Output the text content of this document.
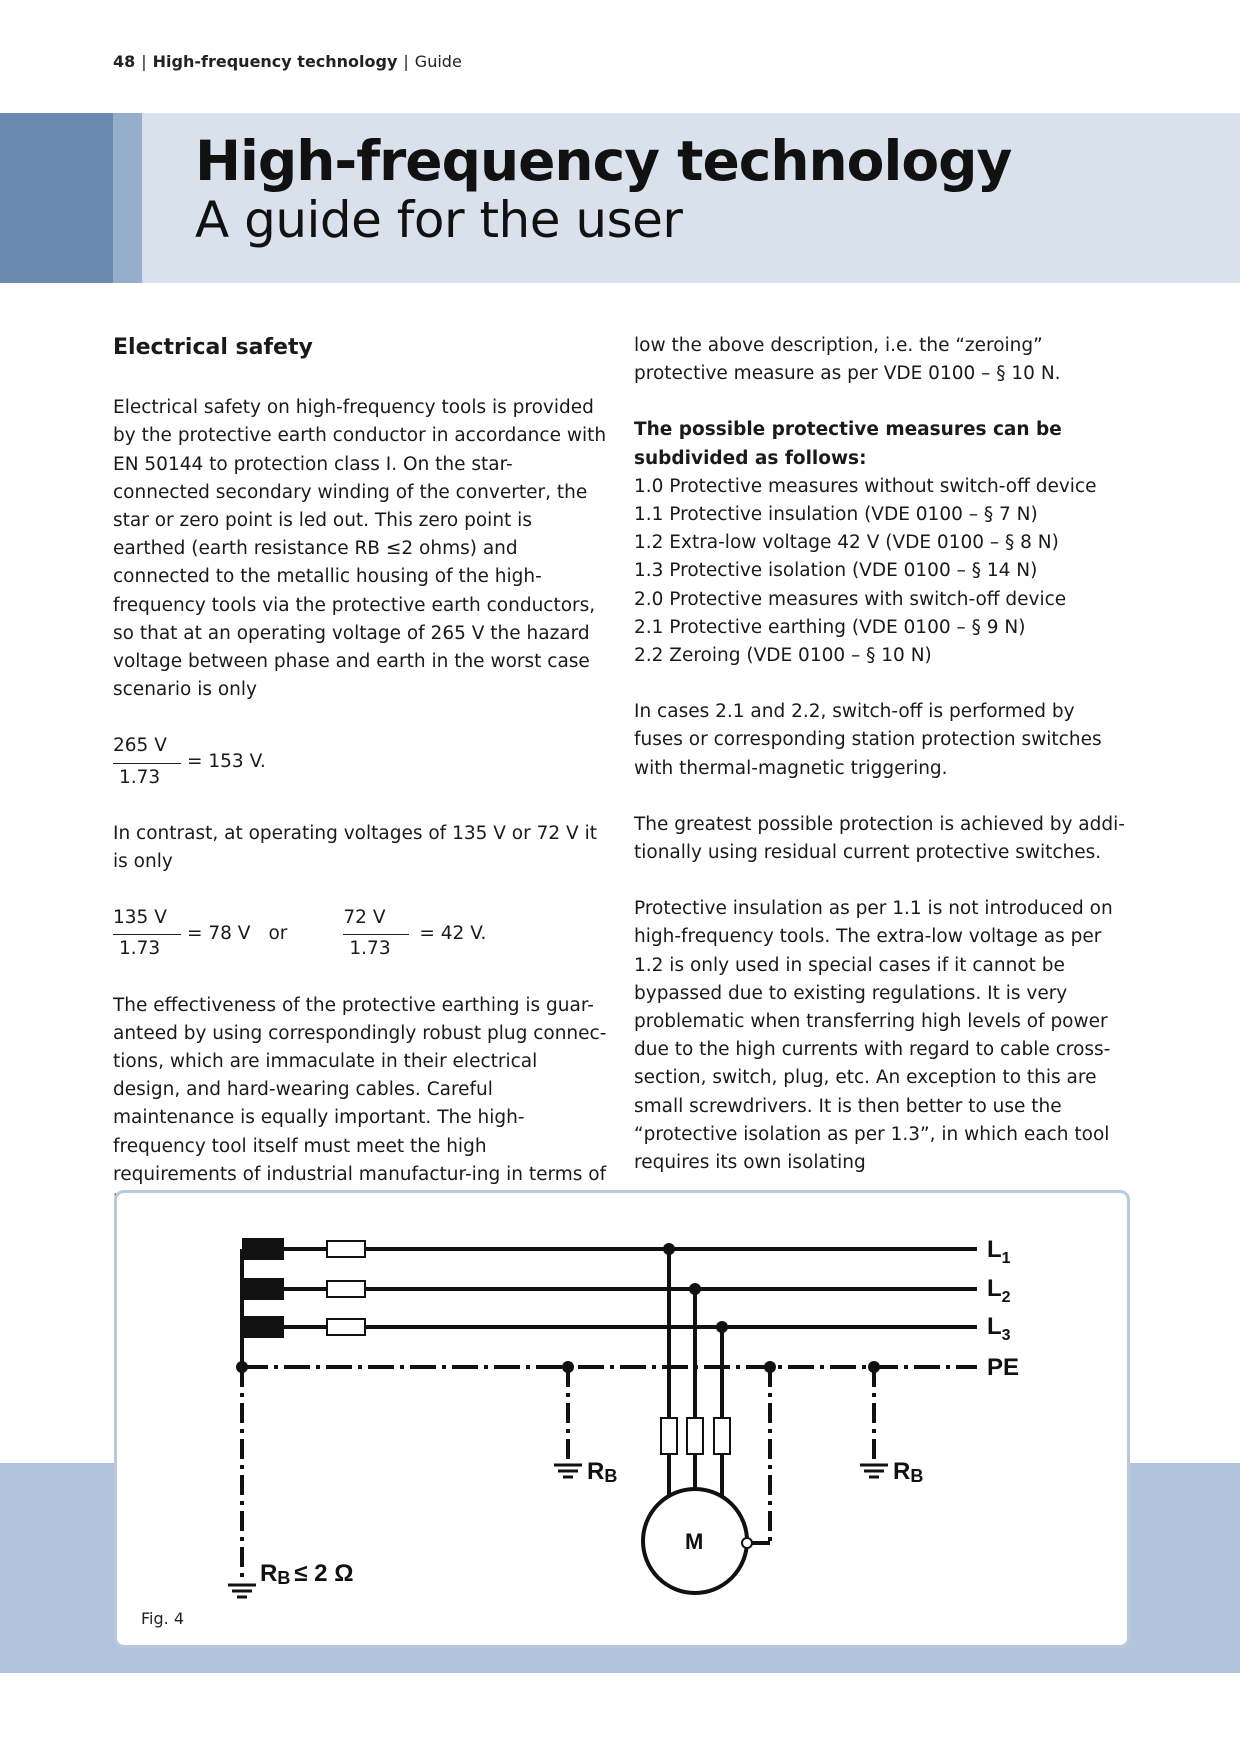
48 | High-frequency technology | Guide
High-frequency technology
A guide for the user
Electrical safety

Electrical safety on high-frequency tools is provided by the protective earth conductor in accordance with EN 50144 to protection class I. On the star-connected secondary winding of the converter, the star or zero point is led out. This zero point is earthed (earth resistance RB ≤2 ohms) and connected to the metallic housing of the high-frequency tools via the protective earth conductors, so that at an operating voltage of 265 V the hazard voltage between phase and earth in the worst case scenario is only

$\frac{265 V}{1.73} = 153$ V.

In contrast, at operating voltages of 135 V or 72 V it is only

$\frac{135 V}{1.73} = 78$ V or	$\frac{72 V}{1.73} = 42$ V.

The effectiveness of the protective earthing is guar-anteed by using correspondingly robust plug connec-tions, which are immaculate in their electrical design, and hard-wearing cables. Careful maintenance is equally important. The high-frequency tool itself must meet the high requirements of industrial manufactur-ing in terms of

low the above description, i.e. the “zeroing” protective measure as per VDE 0100 – § 10 N.

The possible protective measures can be subdivided as follows:
1.0 Protective measures without switch-off device
1.1 Protective insulation (VDE 0100 – § 7 N)
1.2 Extra-low voltage 42 V (VDE 0100 – § 8 N)
1.3 Protective isolation (VDE 0100 – § 14 N)
2.0 Protective measures with switch-off device
2.1 Protective earthing (VDE 0100 – § 9 N)
2.2 Zeroing (VDE 0100 – § 10 N)

In cases 2.1 and 2.2, switch-off is performed by fuses or corresponding station protection switches with thermal-magnetic triggering.

The greatest possible protection is achieved by addi-tionally using residual current protective switches.

Protective insulation as per 1.1 is not introduced on high-frequency tools. The extra-low voltage as per 1.2 is only used in special cases if it cannot be bypassed due to existing regulations. It is very problematic when transferring high levels of power due to the high currents with regard to cable cross-section, switch, plug, etc. An exception to this are small screwdrivers. It is then better to use the “protective isolation as per 1.3”, in which each tool requires its own isolating

$L_1$
$L_2$
$L_3$
PE
RB	RB
RB ≤ 2 Ω
M
Fig. 4
